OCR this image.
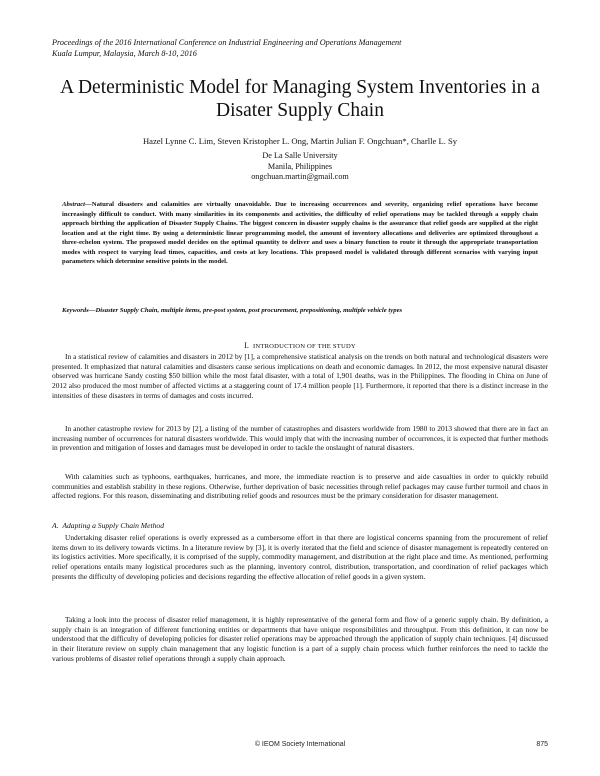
Proceedings of the 2016 International Conference on Industrial Engineering and Operations Management
Kuala Lumpur, Malaysia, March 8-10, 2016
A Deterministic Model for Managing System Inventories in a Disater Supply Chain
Hazel Lynne C. Lim, Steven Kristopher L. Ong, Martin Julian F. Ongchuan*, Charlle L. Sy
De La Salle University
Manila, Philippines
ongchuan.martin@gmail.com
Abstract—Natural disasters and calamities are virtually unavoidable. Due to increasing occurrences and severity, organizing relief operations have become increasingly difficult to conduct. With many similarities in its components and activities, the difficulty of relief operations may be tackled through a supply chain approach birthing the application of Disaster Supply Chains. The biggest concern in disaster supply chains is the assurance that relief goods are supplied at the right location and at the right time. By using a deterministic linear programming model, the amount of inventory allocations and deliveries are optimized throughout a three-echelon system. The proposed model decides on the optimal quantity to deliver and uses a binary function to route it through the appropriate transportation modes with respect to varying lead times, capacities, and costs at key locations. This proposed model is validated through different scenarios with varying input parameters which determine sensitive points in the model.
Keywords—Disaster Supply Chain, multiple items, pre-post system, post procurement, prepositioning, multiple vehicle types
I. INTRODUCTION OF THE STUDY
In a statistical review of calamities and disasters in 2012 by [1], a comprehensive statistical analysis on the trends on both natural and technological disasters were presented. It emphasized that natural calamities and disasters cause serious implications on death and economic damages. In 2012, the most expensive natural disaster observed was hurricane Sandy costing $50 billion while the most fatal disaster, with a total of 1,901 deaths, was in the Philippines. The flooding in China on June of 2012 also produced the most number of affected victims at a staggering count of 17.4 million people [1]. Furthermore, it reported that there is a distinct increase in the intensities of these disasters in terms of damages and costs incurred.
In another catastrophe review for 2013 by [2], a listing of the number of catastrophes and disasters worldwide from 1980 to 2013 showed that there are in fact an increasing number of occurrences for natural disasters worldwide. This would imply that with the increasing number of occurrences, it is expected that further methods in prevention and mitigation of losses and damages must be developed in order to tackle the onslaught of natural disasters.
With calamities such as typhoons, earthquakes, hurricanes, and more, the immediate reaction is to preserve and aide casualties in order to quickly rebuild communities and establish stability in these regions. Otherwise, further deprivation of basic necessities through relief packages may cause further turmoil and chaos in affected regions. For this reason, disseminating and distributing relief goods and resources must be the primary consideration for disaster management.
A. Adapting a Supply Chain Method
Undertaking disaster relief operations is overly expressed as a cumbersome effort in that there are logistical concerns spanning from the procurement of relief items down to its delivery towards victims. In a literature review by [3], it is overly iterated that the field and science of disaster management is repeatedly centered on its logistics activities. More specifically, it is comprised of the supply, commodity management, and distribution at the right place and time. As mentioned, performing relief operations entails many logistical procedures such as the planning, inventory control, distribution, transportation, and coordination of relief packages which presents the difficulty of developing policies and decisions regarding the effective allocation of relief goods in a given system.
Taking a look into the process of disaster relief management, it is highly representative of the general form and flow of a generic supply chain. By definition, a supply chain is an integration of different functioning entities or departments that have unique responsibilities and throughput. From this definition, it can now be understood that the difficulty of developing policies for disaster relief operations may be approached through the application of supply chain techniques. [4] discussed in their literature review on supply chain management that any logistic function is a part of a supply chain process which further reinforces the need to tackle the various problems of disaster relief operations through a supply chain approach.
© IEOM Society International	875
